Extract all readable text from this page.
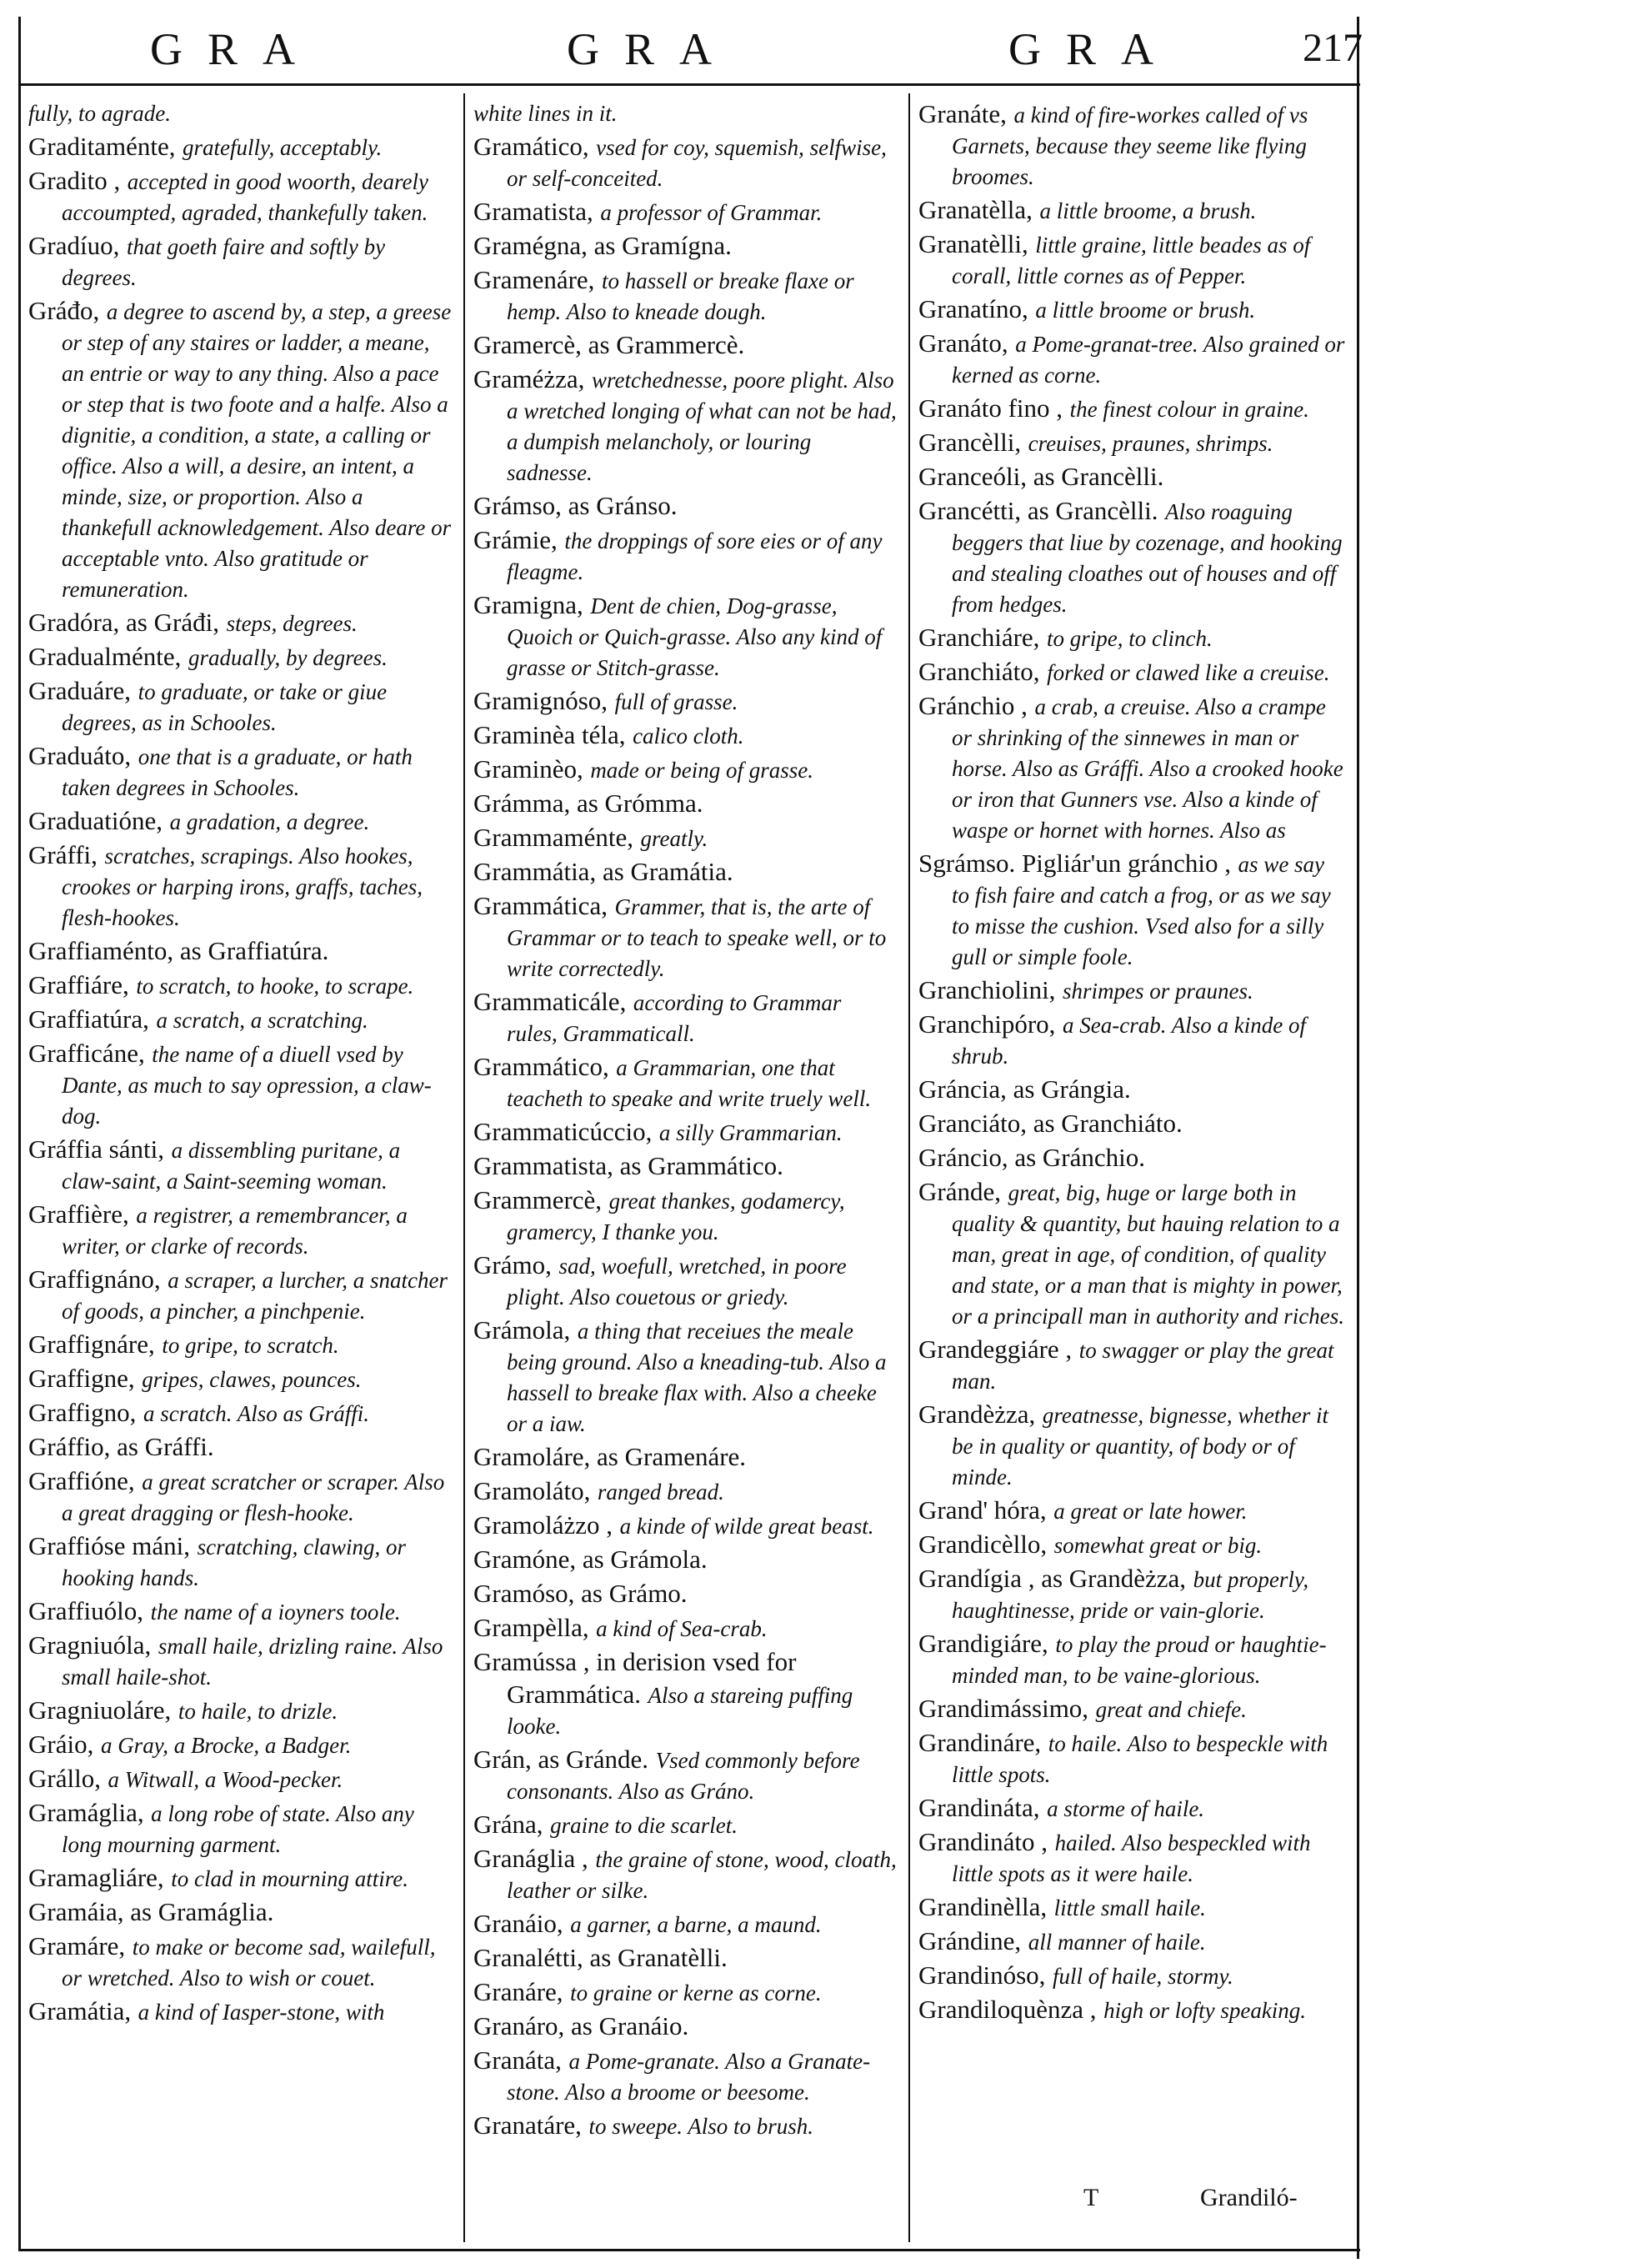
GRA	GRA	GRA	217
fully, to agrade.
Graditaménte, gratefully, acceptably.
Gradito , accepted in good woorth, dearely accoumpted, agraded, thankefully taken.
Gradíuo, that goeth faire and softly by degrees.
Gráđo, a degree to ascend by, a step, a greese or step of any staires or ladder, a meane, an entrie or way to any thing. Also a pace or step that is two foote and a halfe. Also a dignitie, a condition, a state, a calling or office. Also a will, a desire, an intent, a minde, size, or proportion. Also a thankefull acknowledgement. Also deare or acceptable vnto. Also gratitude or remuneration.
Gradóra, as Gráđi, steps, degrees.
Gradualménte, gradually, by degrees.
Graduáre, to graduate, or take or giue degrees, as in Schooles.
Graduáto, one that is a graduate, or hath taken degrees in Schooles.
Graduatióne, a gradation, a degree.
Gráffi, scratches, scrapings. Also hookes, crookes or harping irons, graffs, taches, flesh-hookes.
Graffiaménto, as Graffiatúra.
Graffiáre, to scratch, to hooke, to scrape.
Graffiatúra, a scratch, a scratching.
Grafficáne, the name of a diuell vsed by Dante, as much to say opression, a claw-dog.
Gráffia sánti, a dissembling puritane, a claw-saint, a Saint-seeming woman.
Graffière, a registrer, a remembrancer, a writer, or clarke of records.
Graffignáno, a scraper, a lurcher, a snatcher of goods, a pincher, a pinchpenie.
Graffignáre, to gripe, to scratch.
Graffigne, gripes, clawes, pounces.
Graffigno, a scratch. Also as Gráffi.
Gráffio, as Gráffi.
Graffióne, a great scratcher or scraper. Also a great dragging or flesh-hooke.
Graffióse máni, scratching, clawing, or hooking hands.
Graffiuólo, the name of a ioyners toole.
Gragniuóla, small haile, drizling raine. Also small haile-shot.
Gragniuoláre, to haile, to drizle.
Gráio, a Gray, a Brocke, a Badger.
Grállo, a Witwall, a Wood-pecker.
Gramáglia, a long robe of state. Also any long mourning garment.
Gramagliáre, to clad in mourning attire.
Gramáia, as Gramáglia.
Gramáre, to make or become sad, wailefull, or wretched. Also to wish or couet.
Gramátia, a kind of Iasper-stone, with
white lines in it.
Gramático, vsed for coy, squemish, selfwise, or self-conceited.
Gramatista, a professor of Grammar.
Gramégna, as Gramígna.
Gramenáre, to hassell or breake flaxe or hemp. Also to kneade dough.
Gramercè, as Grammercè.
Graméżza, wretchednesse, poore plight. Also a wretched longing of what can not be had, a dumpish melancholy, or louring sadnesse.
Grámso, as Gránso.
Grámie, the droppings of sore eies or of any fleagme.
Gramigna, Dent de chien, Dog-grasse, Quoich or Quich-grasse. Also any kind of grasse or Stitch-grasse.
Gramignóso, full of grasse.
Graminèa téla, calico cloth.
Graminèo, made or being of grasse.
Grámma, as Grómma.
Grammaménte, greatly.
Grammátia, as Gramátia.
Grammática, Grammer, that is, the arte of Grammar or to teach to speake well, or to write correctedly.
Grammaticále, according to Grammar rules, Grammaticall.
Grammático, a Grammarian, one that teacheth to speake and write truely well.
Grammaticúccio, a silly Grammarian.
Grammatista, as Grammático.
Grammercè, great thankes, godamercy, gramercy, I thanke you.
Grámo, sad, woefull, wretched, in poore plight. Also couetous or griedy.
Grámola, a thing that receiues the meale being ground. Also a kneading-tub. Also a hassell to breake flax with. Also a cheeke or a iaw.
Gramoláre, as Gramenáre.
Gramoláto, ranged bread.
Gramoláżzo , a kinde of wilde great beast.
Gramóne, as Grámola.
Gramóso, as Grámo.
Grampèlla, a kind of Sea-crab.
Gramússa , in derision vsed for Grammática. Also a stareing puffing looke.
Grán, as Gránde. Vsed commonly before consonants. Also as Gráno.
Grána, graine to die scarlet.
Granáglia , the graine of stone, wood, cloath, leather or silke.
Granáio, a garner, a barne, a maund.
Granalétti, as Granatèlli.
Granáre, to graine or kerne as corne.
Granáro, as Granáio.
Granáta, a Pome-granate. Also a Granate-stone. Also a broome or beesome.
Granatáre, to sweepe. Also to brush.
Granáte, a kind of fire-workes called of vs Garnets, because they seeme like flying broomes.
Granatèlla, a little broome, a brush.
Granatèlli, little graine, little beades as of corall, little cornes as of Pepper.
Granatíno, a little broome or brush.
Granáto, a Pome-granat-tree. Also grained or kerned as corne.
Granáto fino , the finest colour in graine.
Grancèlli, creuises, praunes, shrimps.
Granceóli, as Grancèlli.
Grancétti, as Grancèlli. Also roaguing beggers that liue by cozenage, and hooking and stealing cloathes out of houses and off from hedges.
Granchiáre, to gripe, to clinch.
Granchiáto, forked or clawed like a creuise.
Gránchio , a crab, a creuise. Also a crampe or shrinking of the sinnewes in man or horse. Also as Gráffi. Also a crooked hooke or iron that Gunners vse. Also a kinde of waspe or hornet with hornes. Also as
Sgrámso. Pigliár'un gránchio , as we say to fish faire and catch a frog, or as we say to misse the cushion. Vsed also for a silly gull or simple foole.
Granchiolini, shrimpes or praunes.
Granchipóro, a Sea-crab. Also a kinde of shrub.
Gráncia, as Grángia.
Granciáto, as Granchiáto.
Gráncio, as Gránchio.
Gránde, great, big, huge or large both in quality & quantity, but hauing relation to a man, great in age, of condition, of quality and state, or a man that is mighty in power, or a principall man in authority and riches.
Grandeggiáre , to swagger or play the great man.
Grandèżza, greatnesse, bignesse, whether it be in quality or quantity, of body or of minde.
Grand' hóra, a great or late hower.
Grandicèllo, somewhat great or big.
Grandígia , as Grandèżza, but properly, haughtinesse, pride or vain-glorie.
Grandigiáre, to play the proud or haughtie-minded man, to be vaine-glorious.
Grandimássimo, great and chiefe.
Grandináre, to haile. Also to bespeckle with little spots.
Grandináta, a storme of haile.
Grandináto , hailed. Also bespeckled with little spots as it were haile.
Grandinèlla, little small haile.
Grándine, all manner of haile.
Grandinóso, full of haile, stormy.
Grandiloquènza , high or lofty speaking.
T	Grandiló-
